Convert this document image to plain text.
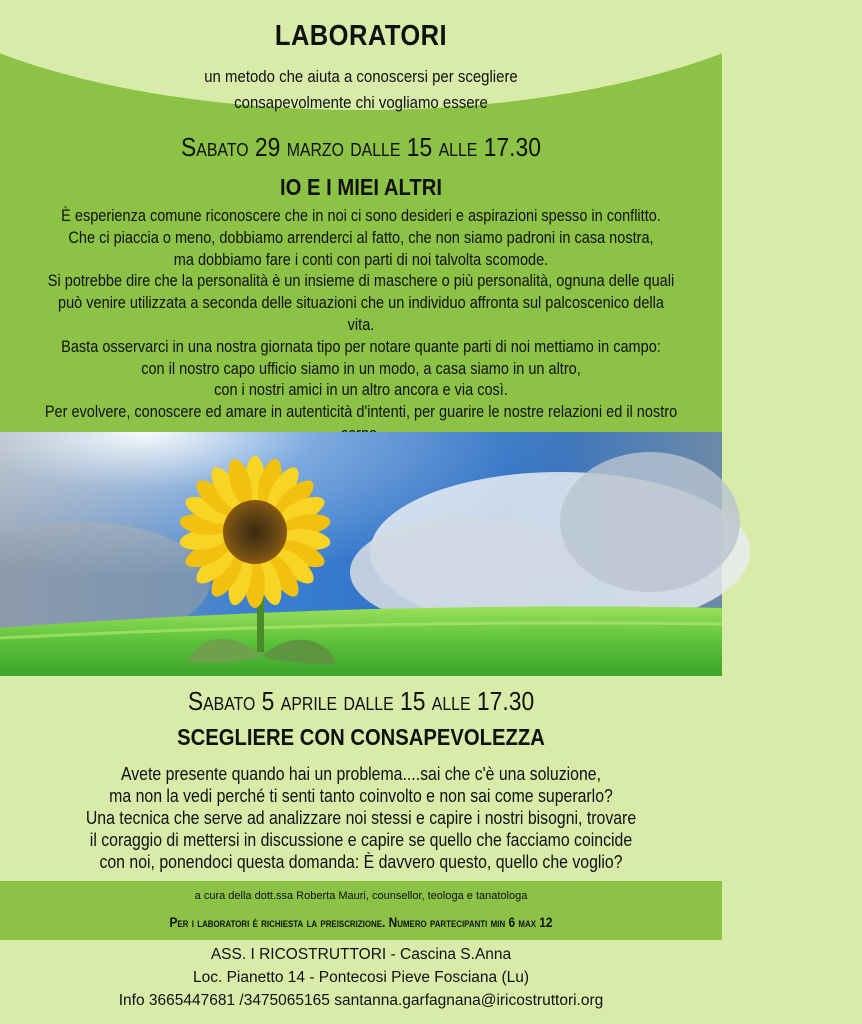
LABORATORI
un metodo che aiuta a conoscersi per scegliere
consapevolmente chi vogliamo essere
Sabato 29 marzo dalle 15 alle 17.30
IO E I MIEI ALTRI
È esperienza comune riconoscere che in noi ci sono desideri e aspirazioni spesso in conflitto.
Che ci piaccia o meno, dobbiamo arrenderci al fatto, che non siamo padroni in casa nostra,
ma dobbiamo fare i conti con parti di noi talvolta scomode.
Si potrebbe dire che la personalità è un insieme di maschere o più personalità, ognuna delle quali
può venire utilizzata a seconda delle situazioni che un individuo affronta sul palcoscenico della vita.
Basta osservarci in una nostra giornata tipo per notare quante parti di noi mettiamo in campo:
con il nostro capo ufficio siamo in un modo, a casa siamo in un altro,
con i nostri amici in un altro ancora e via così.
Per evolvere, conoscere ed amare in autenticità d'intenti, per guarire le nostre relazioni ed il nostro
Sabato 5 aprile dalle 15 alle 17.30
SCEGLIERE CON CONSAPEVOLEZZA
Avete presente quando hai un problema....sai che c'è una soluzione,
ma non la vedi perché ti senti tanto coinvolto e non sai come superarlo?
Una tecnica che serve ad analizzare noi stessi e capire i nostri bisogni, trovare
il coraggio di mettersi in discussione e capire se quello che facciamo coincide
con noi, ponendoci questa domanda: È davvero questo, quello che voglio?
a cura della dott.ssa Roberta Mauri, counsellor, teologa e tanatologa
Per i laboratori è richiesta la preiscrizione. Numero partecipanti min 6 max 12
ASS. I RICOSTRUTTORI - Cascina S.Anna
Loc. Pianetto 14 - Pontecosi Pieve Fosciana (Lu)
Info 3665447681 /3475065165 santanna.garfagnana@iricostruttori.org
